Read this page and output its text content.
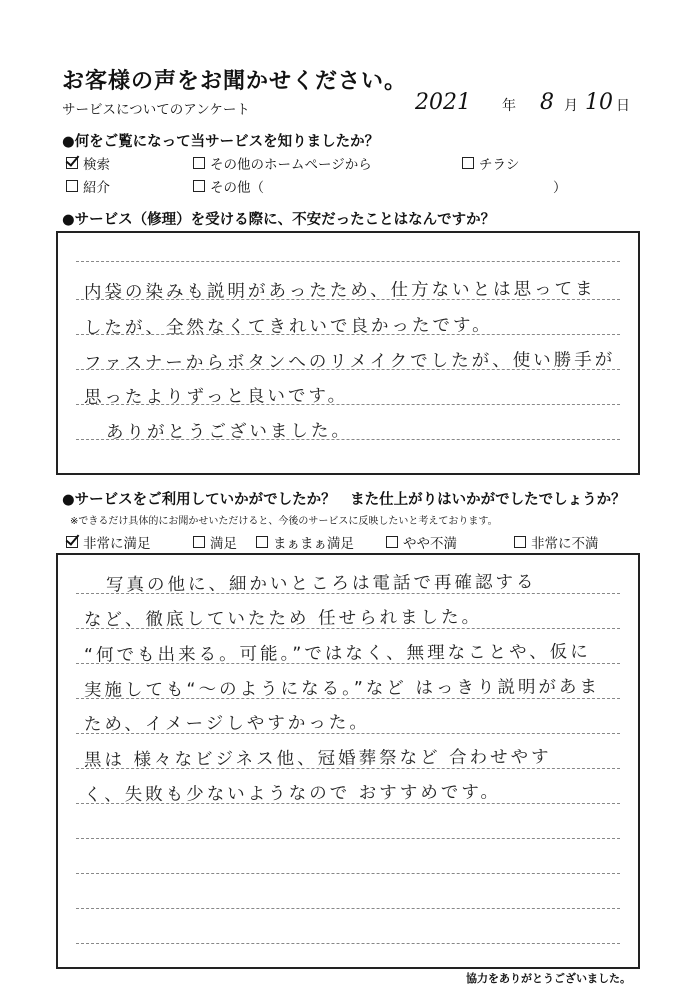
お客様の声をお聞かせください。
サービスについてのアンケート	2021 年 8 月 10 日
●何をご覧になって当サービスを知りましたか？
検索	その他のホームページから	チラシ
紹介	その他（	）
●サービス（修理）を受ける際に、不安だったことはなんですか？
内袋の染みも説明があったため、仕方ないとは思ってま
したが、全然なくてきれいで良かったです。
ファスナーからボタンへのリメイクでしたが、使い勝手が
思ったよりずっと良いです。
ありがとうございました。
●サービスをご利用していかがでしたか？　また仕上がりはいかがでしたでしょうか？
※できるだけ具体的にお聞かせいただけると、今後のサービスに反映したいと考えております。
非常に満足	満足	まぁまぁ満足	やや不満	非常に不満
写真の他に、細かいところは電話で再確認する
など、徹底していたため 任せられました。
“何でも出来る。可能。”ではなく、無理なことや、仮に
実施しても“～のようになる。”など はっきり説明があま
ため、イメージしやすかった。
黒は 様々なビジネス他、冠婚葬祭など 合わせやす
く、失敗も少ないようなので おすすめです。
協力をありがとうございました。
